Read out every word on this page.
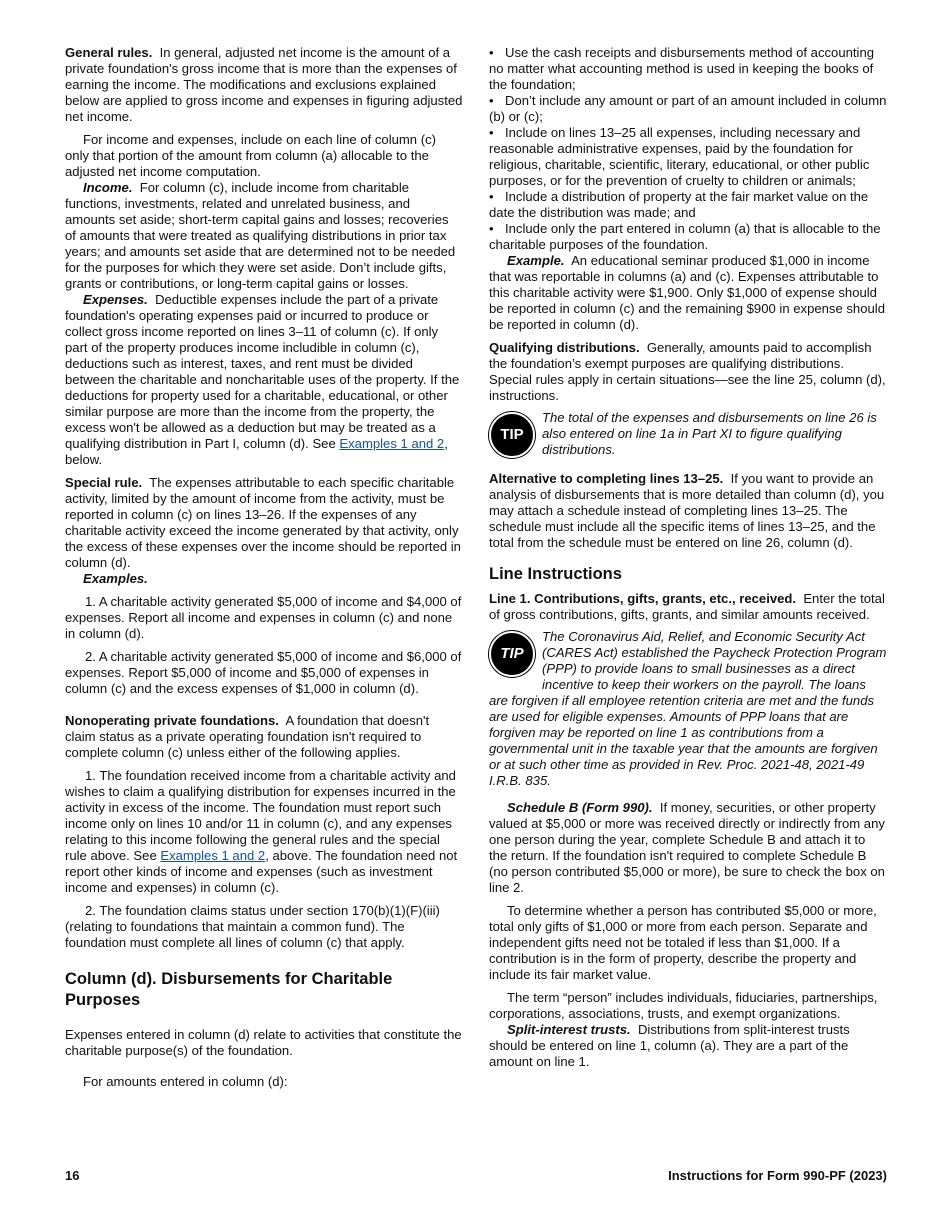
General rules. In general, adjusted net income is the amount of a private foundation's gross income that is more than the expenses of earning the income. The modifications and exclusions explained below are applied to gross income and expenses in figuring adjusted net income.

For income and expenses, include on each line of column (c) only that portion of the amount from column (a) allocable to the adjusted net income computation.

Income. For column (c), include income from charitable functions, investments, related and unrelated business, and amounts set aside; short-term capital gains and losses; recoveries of amounts that were treated as qualifying distributions in prior tax years; and amounts set aside that are determined not to be needed for the purposes for which they were set aside. Don’t include gifts, grants or contributions, or long-term capital gains or losses.

Expenses. Deductible expenses include the part of a private foundation's operating expenses paid or incurred to produce or collect gross income reported on lines 3–11 of column (c). If only part of the property produces income includible in column (c), deductions such as interest, taxes, and rent must be divided between the charitable and noncharitable uses of the property. If the deductions for property used for a charitable, educational, or other similar purpose are more than the income from the property, the excess won't be allowed as a deduction but may be treated as a qualifying distribution in Part I, column (d). See Examples 1 and 2, below.

Special rule. The expenses attributable to each specific charitable activity, limited by the amount of income from the activity, must be reported in column (c) on lines 13–26. If the expenses of any charitable activity exceed the income generated by that activity, only the excess of these expenses over the income should be reported in column (d).

Examples.

1. A charitable activity generated $5,000 of income and $4,000 of expenses. Report all income and expenses in column (c) and none in column (d).

2. A charitable activity generated $5,000 of income and $6,000 of expenses. Report $5,000 of income and $5,000 of expenses in column (c) and the excess expenses of $1,000 in column (d).

Nonoperating private foundations. A foundation that doesn't claim status as a private operating foundation isn't required to complete column (c) unless either of the following applies.

1. The foundation received income from a charitable activity and wishes to claim a qualifying distribution for expenses incurred in the activity in excess of the income. The foundation must report such income only on lines 10 and/or 11 in column (c), and any expenses relating to this income following the general rules and the special rule above. See Examples 1 and 2, above. The foundation need not report other kinds of income and expenses (such as investment income and expenses) in column (c).

2. The foundation claims status under section 170(b)(1)(F)(iii) (relating to foundations that maintain a common fund). The foundation must complete all lines of column (c) that apply.

Column (d). Disbursements for Charitable Purposes

Expenses entered in column (d) relate to activities that constitute the charitable purpose(s) of the foundation.

For amounts entered in column (d):

• Use the cash receipts and disbursements method of accounting no matter what accounting method is used in keeping the books of the foundation;

• Don’t include any amount or part of an amount included in column (b) or (c);

• Include on lines 13–25 all expenses, including necessary and reasonable administrative expenses, paid by the foundation for religious, charitable, scientific, literary, educational, or other public purposes, or for the prevention of cruelty to children or animals;

• Include a distribution of property at the fair market value on the date the distribution was made; and

• Include only the part entered in column (a) that is allocable to the charitable purposes of the foundation.

Example. An educational seminar produced $1,000 in income that was reportable in columns (a) and (c). Expenses attributable to this charitable activity were $1,900. Only $1,000 of expense should be reported in column (c) and the remaining $900 in expense should be reported in column (d).

Qualifying distributions. Generally, amounts paid to accomplish the foundation’s exempt purposes are qualifying distributions. Special rules apply in certain situations—see the line 25, column (d), instructions.

TIP
The total of the expenses and disbursements on line 26 is also entered on line 1a in Part XI to figure qualifying distributions.

Alternative to completing lines 13–25. If you want to provide an analysis of disbursements that is more detailed than column (d), you may attach a schedule instead of completing lines 13–25. The schedule must include all the specific items of lines 13–25, and the total from the schedule must be entered on line 26, column (d).

Line Instructions

Line 1. Contributions, gifts, grants, etc., received. Enter the total of gross contributions, gifts, grants, and similar amounts received.

TIP
The Coronavirus Aid, Relief, and Economic Security Act (CARES Act) established the Paycheck Protection Program (PPP) to provide loans to small businesses as a direct incentive to keep their workers on the payroll. The loans are forgiven if all employee retention criteria are met and the funds are used for eligible expenses. Amounts of PPP loans that are forgiven may be reported on line 1 as contributions from a governmental unit in the taxable year that the amounts are forgiven or at such other time as provided in Rev. Proc. 2021-48, 2021-49 I.R.B. 835.

Schedule B (Form 990). If money, securities, or other property valued at $5,000 or more was received directly or indirectly from any one person during the year, complete Schedule B and attach it to the return. If the foundation isn't required to complete Schedule B (no person contributed $5,000 or more), be sure to check the box on line 2.

To determine whether a person has contributed $5,000 or more, total only gifts of $1,000 or more from each person. Separate and independent gifts need not be totaled if less than $1,000. If a contribution is in the form of property, describe the property and include its fair market value.

The term “person” includes individuals, fiduciaries, partnerships, corporations, associations, trusts, and exempt organizations.

Split-interest trusts. Distributions from split-interest trusts should be entered on line 1, column (a). They are a part of the amount on line 1.

16	Instructions for Form 990-PF (2023)
